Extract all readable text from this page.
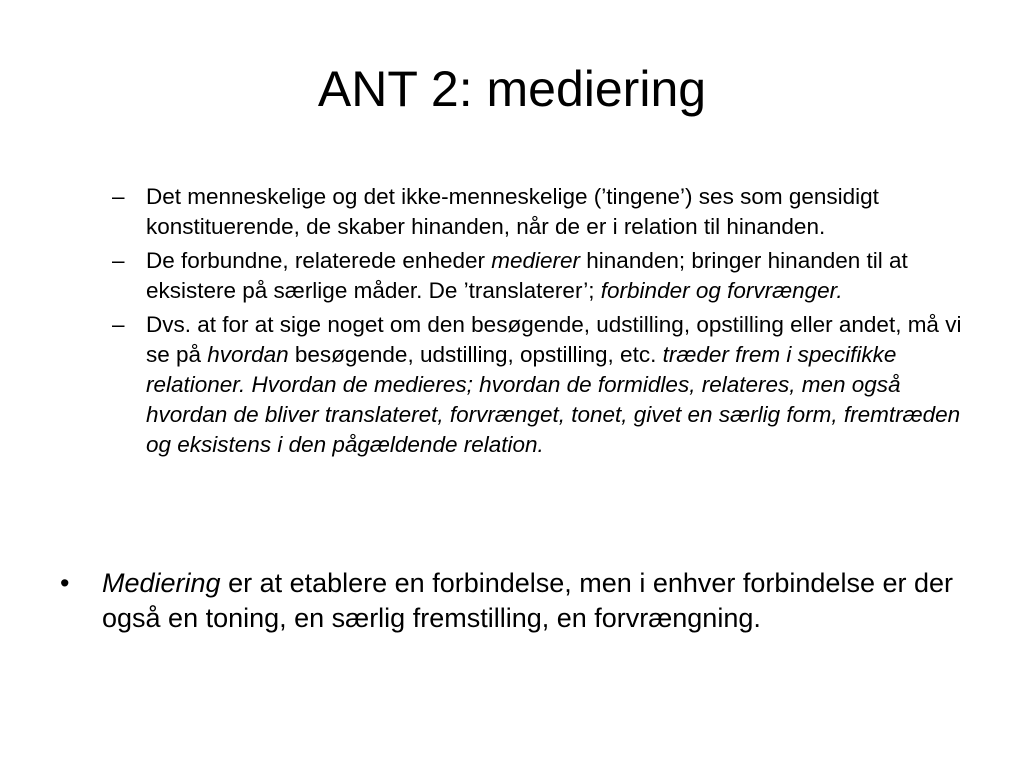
ANT 2: mediering
– Det menneskelige og det ikke-menneskelige (’tingene’) ses som gensidigt konstituerende, de skaber hinanden, når de er i relation til hinanden.
– De forbundne, relaterede enheder medierer hinanden; bringer hinanden til at eksistere på særlige måder. De ’translaterer’; forbinder og forvrænger.
– Dvs. at for at sige noget om den besøgende, udstilling, opstilling eller andet, må vi se på hvordan besøgende, udstilling, opstilling, etc. træder frem i specifikke relationer. Hvordan de medieres; hvordan de formidles, relateres, men også hvordan de bliver translateret, forvrænget, tonet, givet en særlig form, fremtræden og eksistens i den pågældende relation.
• Mediering er at etablere en forbindelse, men i enhver forbindelse er der også en toning, en særlig fremstilling, en forvrængning.
